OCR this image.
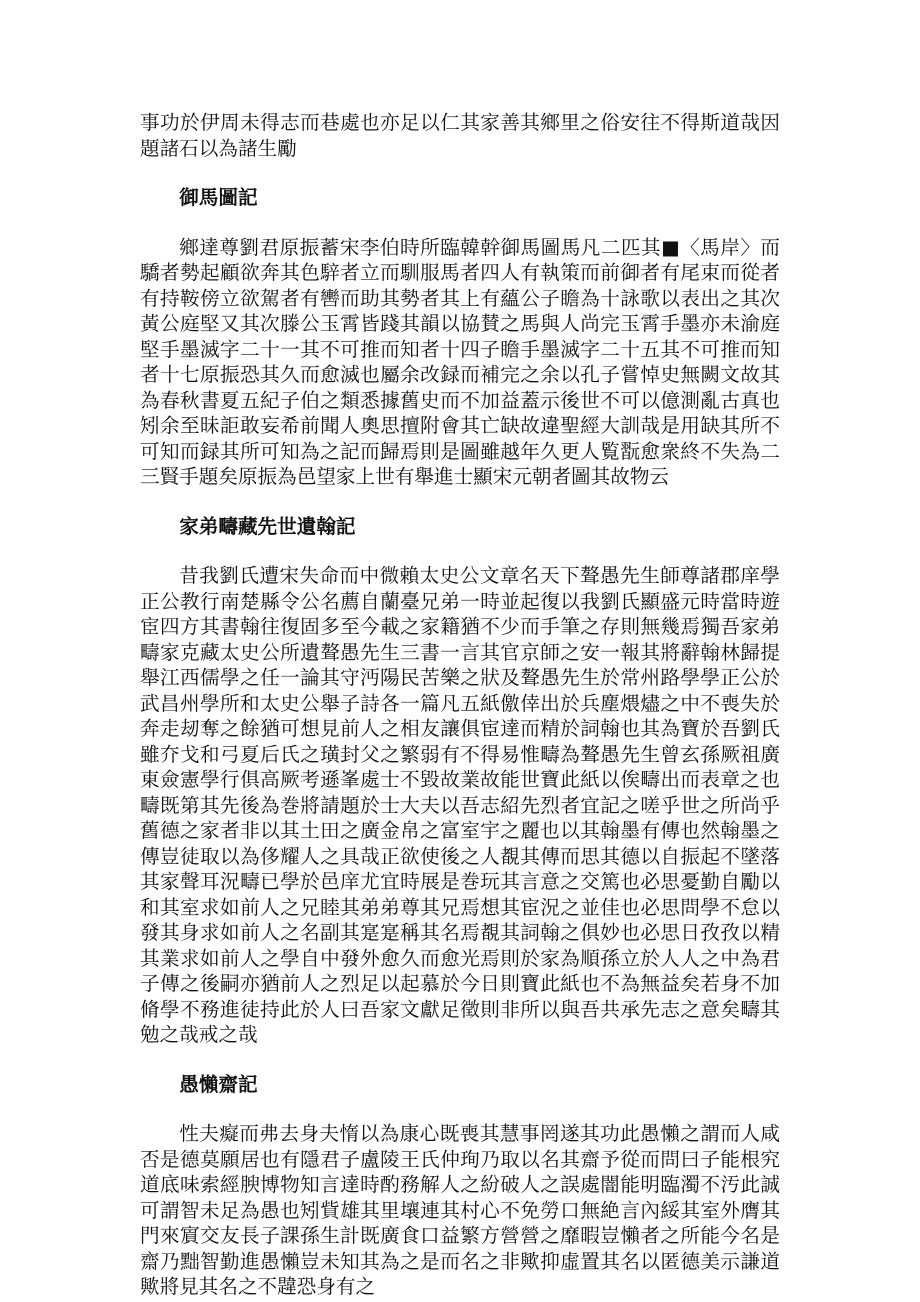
事功於伊周未得志而巷處也亦足以仁其家善其鄉里之俗安往不得斯道哉因題諸石以為諸生勵

御馬圖記

鄉達尊劉君原振蓄宋李伯時所臨韓幹御馬圖馬凡二匹其■〈馬岸〉而驕者勢起顧欲奔其色騂者立而馴服馬者四人有執策而前御者有尾束而從者有持鞍傍立欲駕者有轡而助其勢者其上有蘊公子瞻為十詠歌以表出之其次黃公庭堅又其次滕公玉霄皆踐其韻以協賛之馬與人尚完玉霄手墨亦未渝庭堅手墨滅字二十一其不可推而知者十四子瞻手墨滅字二十五其不可推而知者十七原振恐其久而愈滅也屬余改録而補完之余以孔子嘗悼史無闕文故其為春秋書夏五紀子伯之類悉據舊史而不加益蓋示後世不可以億測亂古真也矧余至昧詎敢妄希前聞人奧思擅附會其亡缺故違聖經大訓哉是用缺其所不可知而録其所可知為之記而歸焉則是圖雖越年久更人覧翫愈衆終不失為二三賢手題矣原振為邑望家上世有舉進士顯宋元朝者圖其故物云

家弟疇藏先世遺翰記

昔我劉氏遭宋失命而中微賴太史公文章名天下聱愚先生師尊諸郡庠學正公教行南楚縣令公名薦自蘭臺兄弟一時並起復以我劉氏顯盛元時當時遊宦四方其書翰往復固多至今載之家籍猶不少而手筆之存則無幾焉獨吾家弟疇家克藏太史公所遺聱愚先生三書一言其官京師之安一報其將辭翰林歸提舉江西儒學之任一論其守沔陽民苦樂之狀及聱愚先生於常州路學學正公於武昌州學所和太史公舉子詩各一篇凡五紙儌倖出於兵塵煨燼之中不喪失於奔走刼奪之餘猶可想見前人之相友讓俱宦達而精於詞翰也其為寶於吾劉氏雖夰戈和弓夏后氏之璜封父之繁弱有不得易惟疇為聱愚先生曾玄孫厥祖廣東僉憲學行俱高厥考遜峯處士不毀故業故能世寶此紙以俟疇出而表章之也疇既第其先後為巻將請題於士大夫以吾志紹先烈者宜記之嗟乎世之所尚乎舊德之家者非以其土田之廣金帛之富室宇之麗也以其翰墨有傳也然翰墨之傳豈徒取以為侈耀人之具哉正欲使後之人覩其傳而思其德以自振起不墜落其家聲耳況疇已學於邑庠尤宜時展是巻玩其言意之交篤也必思憂勤自勵以和其室求如前人之兄睦其弟弟尊其兄焉想其宦況之並佳也必思問學不怠以發其身求如前人之名副其寔寔稱其名焉覩其詞翰之俱妙也必思日孜孜以精其業求如前人之學自中發外愈久而愈光焉則於家為順孫立於人人之中為君子傳之後嗣亦猶前人之烈足以起慕於今日則寶此紙也不為無益矣若身不加脩學不務進徒持此於人曰吾家文獻足徵則非所以與吾共承先志之意矣疇其勉之哉戒之哉

愚懶齋記

性夫癡而弗去身夫惰以為康心既喪其慧事罔遂其功此愚懶之謂而人咸否是德莫願居也有隱君子盧陵王氏仲珣乃取以名其齋予從而問曰子能根究道底味索經腴博物知言達時酌務解人之紛破人之誤處闇能明臨濁不汚此誠可謂智未足為愚也矧貲雄其里壤連其村心不免勞口無絶言內綏其室外膺其門來賔交友長子課孫生計既廣食口益繁方營營之靡暇豈懶者之所能今名是齋乃黜智勤進愚懶豈未知其為之是而名之非歟抑虛置其名以匿德美示謙道歟將見其名之不韙恐身有之
